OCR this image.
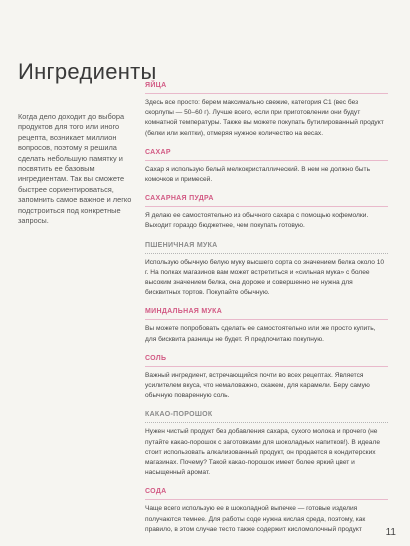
Ингредиенты
Когда дело доходит до выбора продуктов для того или иного рецепта, возникает миллион вопросов, поэтому я решила сделать небольшую памятку и посвятить ее базовым ингредиентам. Так вы сможете быстрее сориентироваться, запомнить самое важное и легко подстроиться под конкретные запросы.
ЯЙЦА
Здесь все просто: берем максимально свежие, категория С1 (вес без скорлупы — 50–60 г). Лучше всего, если при приготовлении они будут комнатной температуры. Также вы можете покупать бутилированный продукт (белки или желтки), отмеряя нужное количество на весах.
САХАР
Сахар я использую белый мелкокристаллический. В нем не должно быть комочков и примесей.
САХАРНАЯ ПУДРА
Я делаю ее самостоятельно из обычного сахара с помощью кофемолки. Выходит гораздо бюджетнее, чем покупать готовую.
ПШЕНИЧНАЯ МУКА
Использую обычную белую муку высшего сорта со значением белка около 10 г. На полках магазинов вам может встретиться и «сильная мука» с более высоким значением белка, она дороже и совершенно не нужна для бисквитных тортов. Покупайте обычную.
МИНДАЛЬНАЯ МУКА
Вы можете попробовать сделать ее самостоятельно или же просто купить, для бисквита разницы не будет. Я предпочитаю покупную.
СОЛЬ
Важный ингредиент, встречающийся почти во всех рецептах. Является усилителем вкуса, что немаловажно, скажем, для карамели. Беру самую обычную поваренную соль.
КАКАО-ПОРОШОК
Нужен чистый продукт без добавления сахара, сухого молока и прочего (не путайте какао-порошок с заготовками для шоколадных напитков!). В идеале стоит использовать алкализованный продукт, он продается в кондитерских магазинах. Почему? Такой какао-порошок имеет более яркий цвет и насыщенный аромат.
СОДА
Чаще всего использую ее в шоколадной выпечке — готовые изделия получаются темнее. Для работы соде нужна кислая среда, поэтому, как правило, в этом случае тесто также содержит кисломолочный продукт	11
